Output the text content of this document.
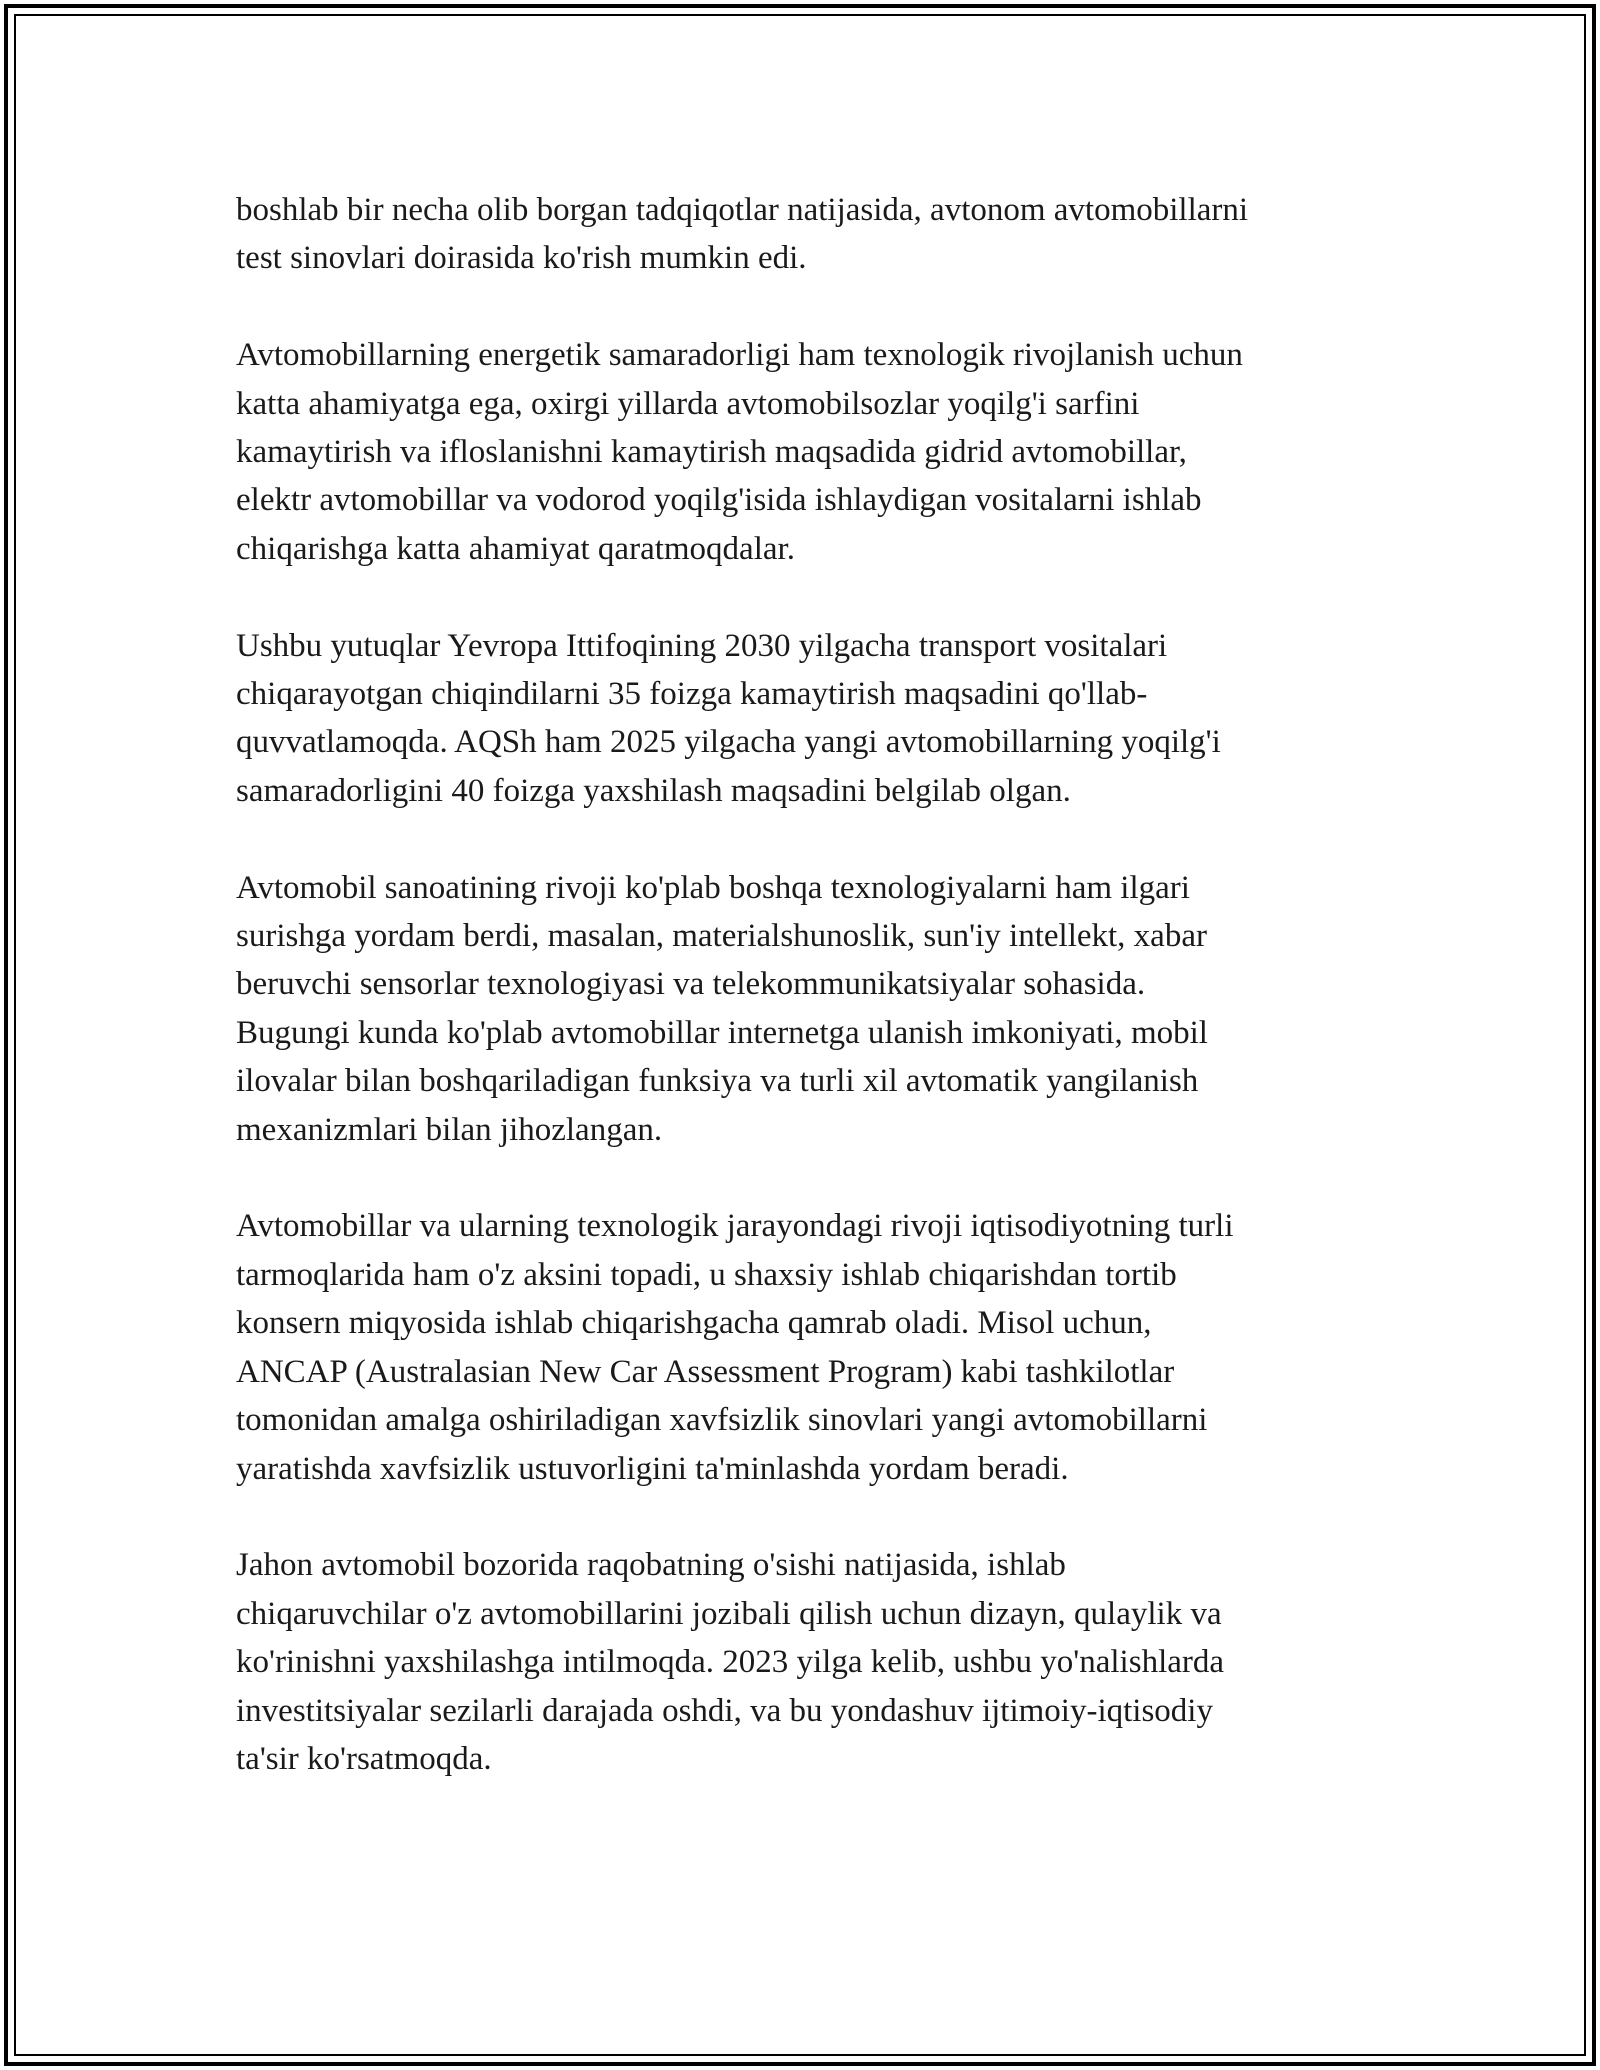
boshlab bir necha olib borgan tadqiqotlar natijasida, avtonom avtomobillarni
test sinovlari doirasida ko'rish mumkin edi.
Avtomobillarning energetik samaradorligi ham texnologik rivojlanish uchun
katta ahamiyatga ega, oxirgi yillarda avtomobilsozlar yoqilg'i sarfini
kamaytirish va ifloslanishni kamaytirish maqsadida gidrid avtomobillar,
elektr avtomobillar va vodorod yoqilg'isida ishlaydigan vositalarni ishlab
chiqarishga katta ahamiyat qaratmoqdalar.
Ushbu yutuqlar Yevropa Ittifoqining 2030 yilgacha transport vositalari
chiqarayotgan chiqindilarni 35 foizga kamaytirish maqsadini qo'llab-
quvvatlamoqda. AQSh ham 2025 yilgacha yangi avtomobillarning yoqilg'i
samaradorligini 40 foizga yaxshilash maqsadini belgilab olgan.
Avtomobil sanoatining rivoji ko'plab boshqa texnologiyalarni ham ilgari
surishga yordam berdi, masalan, materialshunoslik, sun'iy intellekt, xabar
beruvchi sensorlar texnologiyasi va telekommunikatsiyalar sohasida.
Bugungi kunda ko'plab avtomobillar internetga ulanish imkoniyati, mobil
ilovalar bilan boshqariladigan funksiya va turli xil avtomatik yangilanish
mexanizmlari bilan jihozlangan.
Avtomobillar va ularning texnologik jarayondagi rivoji iqtisodiyotning turli
tarmoqlarida ham o'z aksini topadi, u shaxsiy ishlab chiqarishdan tortib
konsern miqyosida ishlab chiqarishgacha qamrab oladi. Misol uchun,
ANCAP (Australasian New Car Assessment Program) kabi tashkilotlar
tomonidan amalga oshiriladigan xavfsizlik sinovlari yangi avtomobillarni
yaratishda xavfsizlik ustuvorligini ta'minlashda yordam beradi.
Jahon avtomobil bozorida raqobatning o'sishi natijasida, ishlab
chiqaruvchilar o'z avtomobillarini jozibali qilish uchun dizayn, qulaylik va
ko'rinishni yaxshilashga intilmoqda. 2023 yilga kelib, ushbu yo'nalishlarda
investitsiyalar sezilarli darajada oshdi, va bu yondashuv ijtimoiy-iqtisodiy
ta'sir ko'rsatmoqda.
